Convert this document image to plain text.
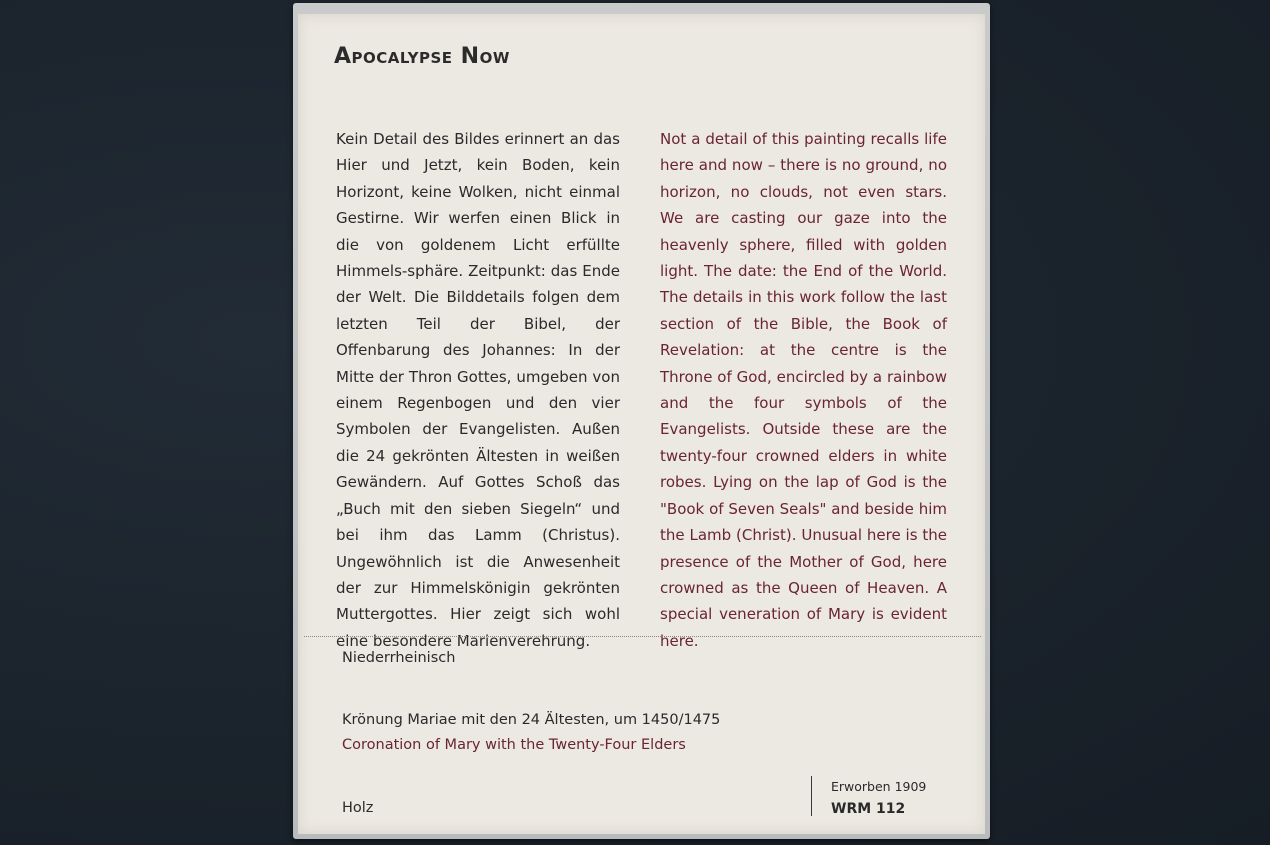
Apocalypse Now

Kein Detail des Bildes erinnert an das Hier und Jetzt, kein Boden, kein Horizont, keine Wolken, nicht einmal Gestirne. Wir werfen einen Blick in die von goldenem Licht erfüllte Himmels-sphäre. Zeitpunkt: das Ende der Welt. Die Bilddetails folgen dem letzten Teil der Bibel, der Offenbarung des Johannes: In der Mitte der Thron Gottes, umgeben von einem Regenbogen und den vier Symbolen der Evangelisten. Außen die 24 gekrönten Ältesten in weißen Gewändern. Auf Gottes Schoß das „Buch mit den sieben Siegeln“ und bei ihm das Lamm (Christus). Ungewöhnlich ist die Anwesenheit der zur Himmelskönigin gekrönten Muttergottes. Hier zeigt sich wohl eine besondere Marienverehrung.

Not a detail of this painting recalls life here and now – there is no ground, no horizon, no clouds, not even stars. We are casting our gaze into the heavenly sphere, filled with golden light. The date: the End of the World. The details in this work follow the last section of the Bible, the Book of Revelation: at the centre is the Throne of God, encircled by a rainbow and the four symbols of the Evangelists. Outside these are the twenty-four crowned elders in white robes. Lying on the lap of God is the "Book of Seven Seals" and beside him the Lamb (Christ). Unusual here is the presence of the Mother of God, here crowned as the Queen of Heaven. A special veneration of Mary is evident here.

Niederrheinisch

Krönung Mariae mit den 24 Ältesten, um 1450/1475

Coronation of Mary with the Twenty-Four Elders

Holz

Erworben 1909

WRM 112
